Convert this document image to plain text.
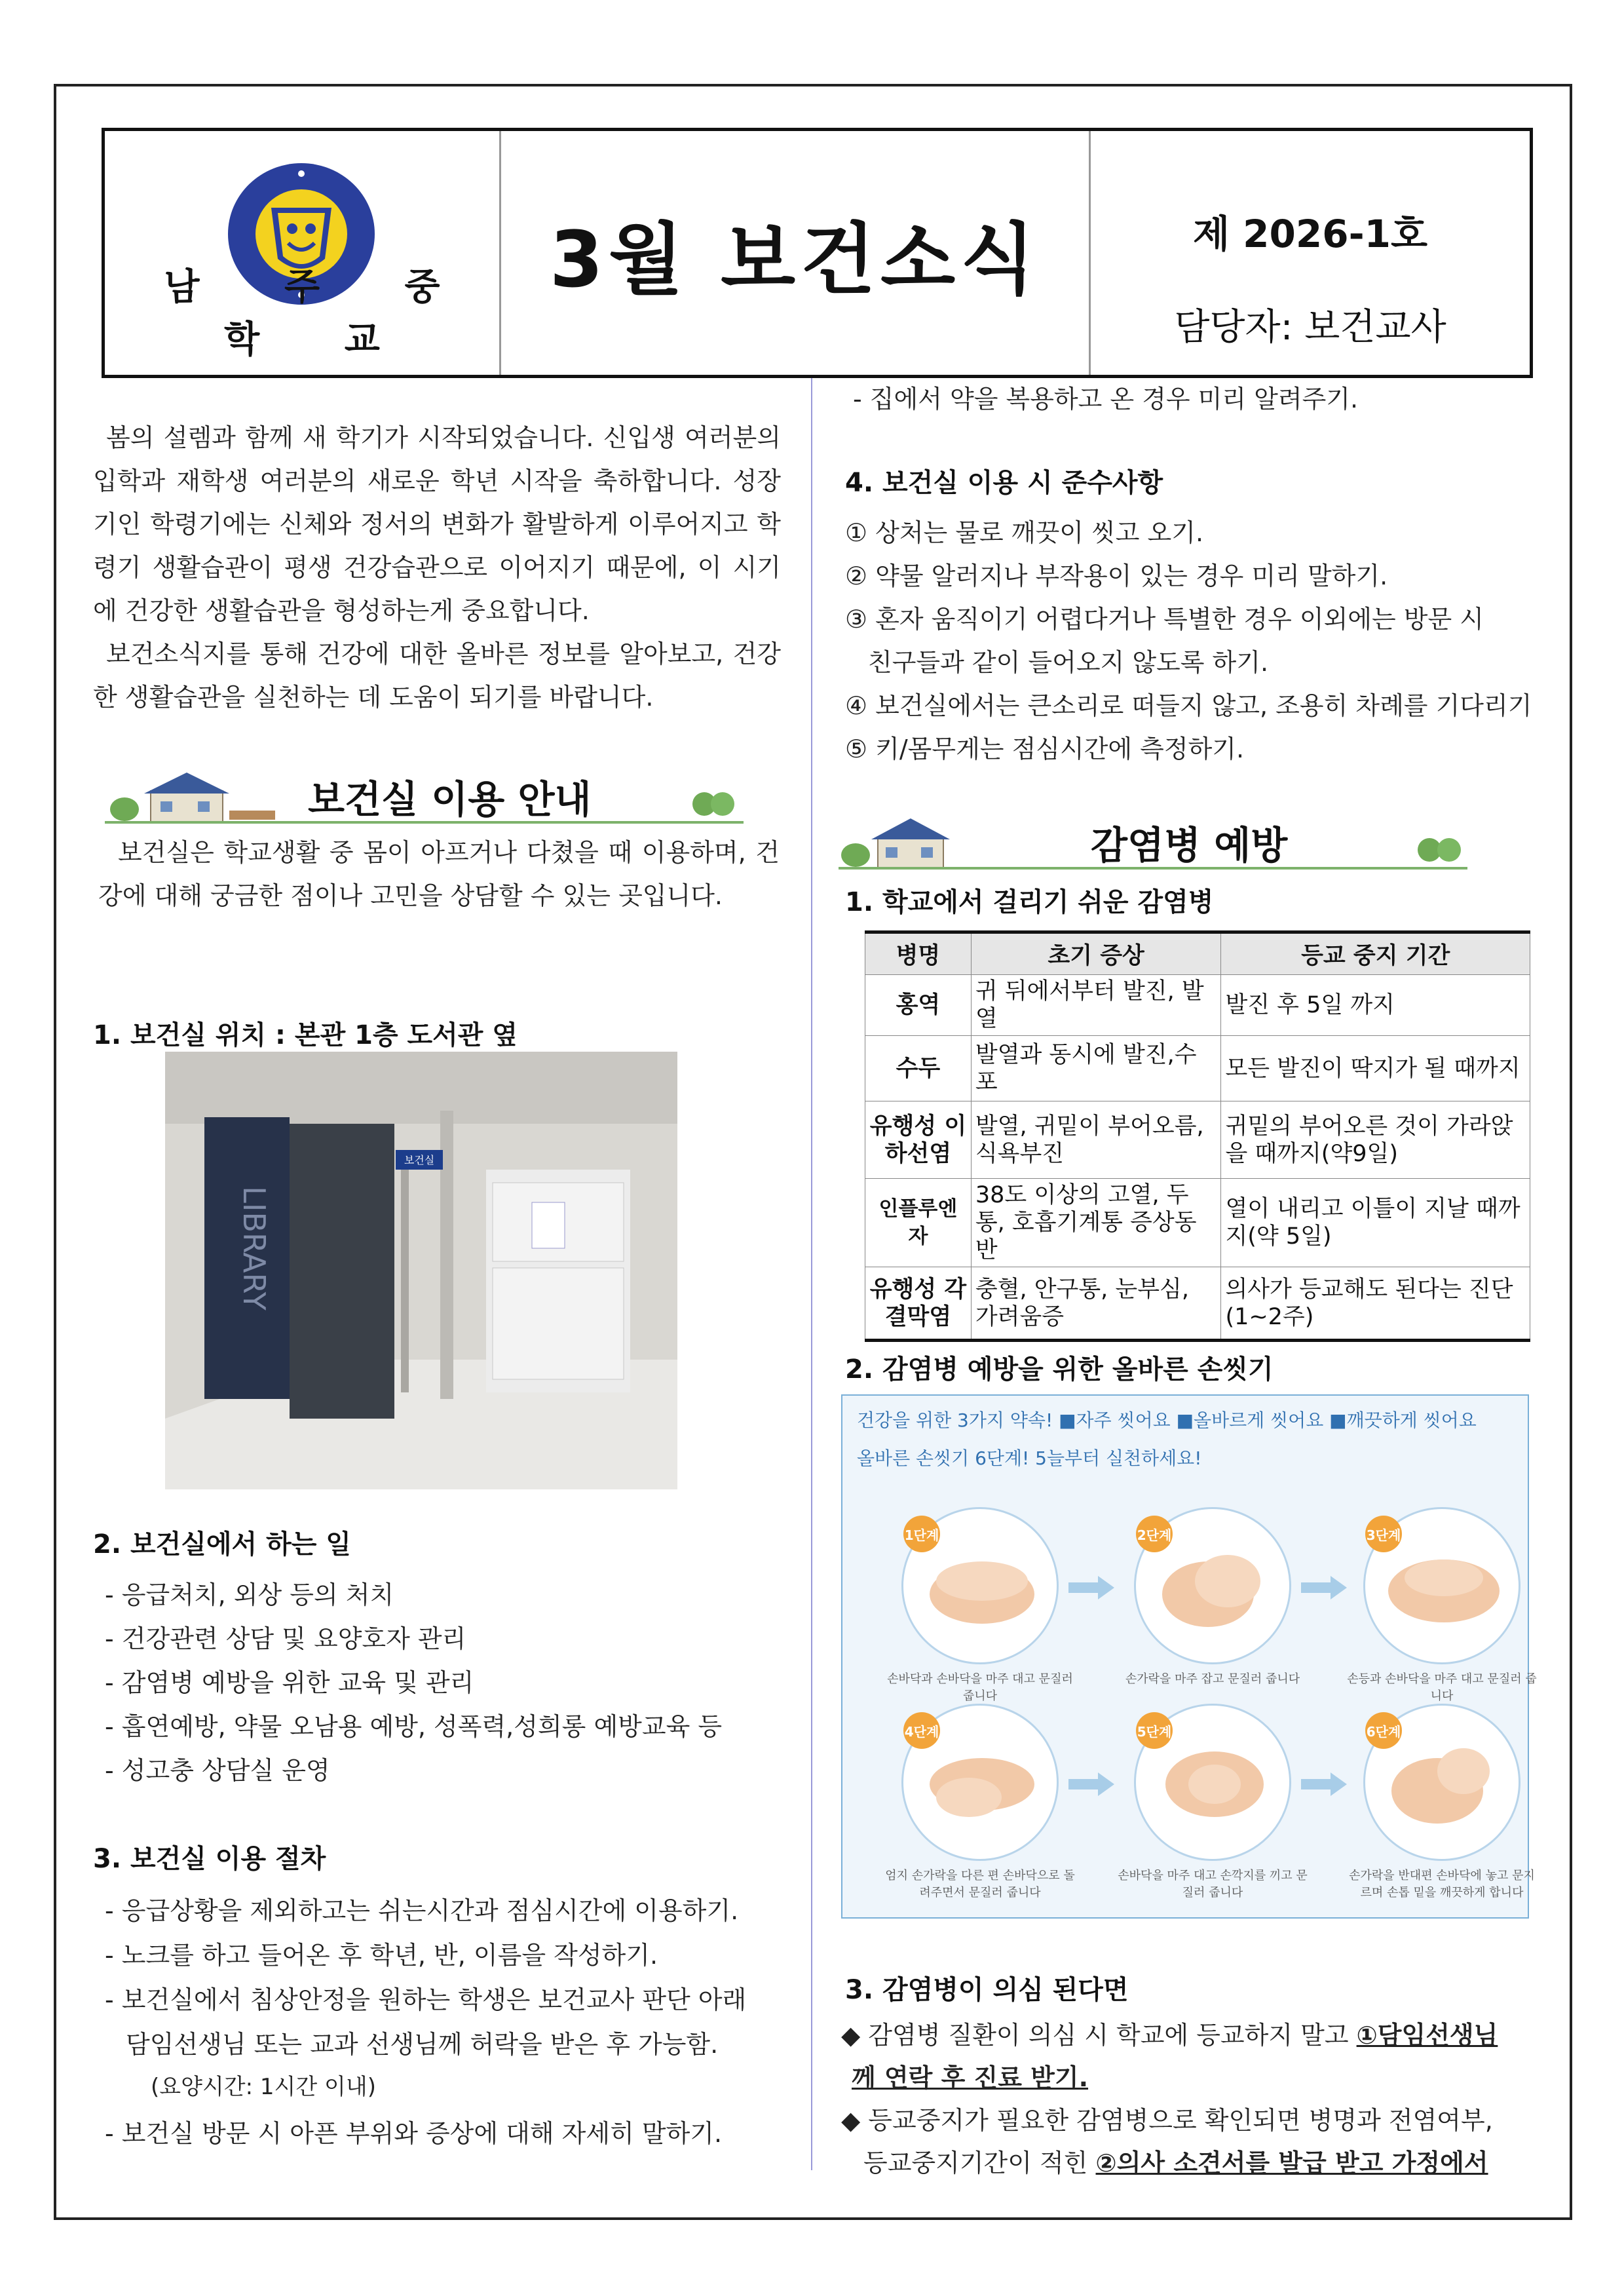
남 주 중 학 교
3월 보건소식	제 2026-1호
담당자: 보건교사
봄의 설렘과 함께 새 학기가 시작되었습니다. 신입생 여러분의 입학과 재학생 여러분의 새로운 학년 시작을 축하합니다. 성장기인 학령기에는 신체와 정서의 변화가 활발하게 이루어지고 학령기 생활습관이 평생 건강습관으로 이어지기 때문에, 이 시기에 건강한 생활습관을 형성하는게 중요합니다.
보건소식지를 통해 건강에 대한 올바른 정보를 알아보고, 건강한 생활습관을 실천하는 데 도움이 되기를 바랍니다.
보건실 이용 안내
보건실은 학교생활 중 몸이 아프거나 다쳤을 때 이용하며, 건강에 대해 궁금한 점이나 고민을 상담할 수 있는 곳입니다.
1. 보건실 위치 : 본관 1층 도서관 옆
보건실
LIBRARY
2. 보건실에서 하는 일
- 응급처치, 외상 등의 처치
- 건강관련 상담 및 요양호자 관리
- 감염병 예방을 위한 교육 및 관리
- 흡연예방, 약물 오남용 예방, 성폭력,성희롱 예방교육 등
- 성고충 상담실 운영
3. 보건실 이용 절차
- 응급상황을 제외하고는 쉬는시간과 점심시간에 이용하기.
- 노크를 하고 들어온 후 학년, 반, 이름을 작성하기.
- 보건실에서 침상안정을 원하는 학생은 보건교사 판단 아래
담임선생님 또는 교과 선생님께 허락을 받은 후 가능함.
(요양시간: 1시간 이내)
- 보건실 방문 시 아픈 부위와 증상에 대해 자세히 말하기.
- 집에서 약을 복용하고 온 경우 미리 알려주기.
4. 보건실 이용 시 준수사항
① 상처는 물로 깨끗이 씻고 오기.
② 약물 알러지나 부작용이 있는 경우 미리 말하기.
③ 혼자 움직이기 어렵다거나 특별한 경우 이외에는 방문 시
친구들과 같이 들어오지 않도록 하기.
④ 보건실에서는 큰소리로 떠들지 않고, 조용히 차례를 기다리기
⑤ 키/몸무게는 점심시간에 측정하기.
감염병 예방
1. 학교에서 걸리기 쉬운 감염병
병명	초기 증상	등교 중지 기간
홍역	귀 뒤에서부터 발진, 발열	발진 후 5일 까지
수두	발열과 동시에 발진,수포	모든 발진이 딱지가 될 때까지
유행성 이하선염	발열, 귀밑이 부어오름, 식욕부진	귀밑의 부어오른 것이 가라앉을 때까지(약9일)
인플루엔자	38도 이상의 고열, 두통, 호흡기계통 증상동반	열이 내리고 이틀이 지날 때까지(약 5일)
유행성 각결막염	충혈, 안구통, 눈부심, 가려움증	의사가 등교해도 된다는 진단 (1~2주)
2. 감염병 예방을 위한 올바른 손씻기
건강을 위한 3가지 약속! ■자주 씻어요 ■올바르게 씻어요 ■깨끗하게 씻어요
올바른 손씻기 6단계! 5늘부터 실천하세요!
1단계	2단계	3단계
손바닥과 손바닥을 마주 대고 문질러 줍니다
손가락을 마주 잡고 문질러 줍니다	손등과 손바닥을 마주 대고 문질러 줍니다
4단계	5단계	6단계
엄지 손가락을 다른 편 손바닥으로 돌려주면서 문질러 줍니다
손바닥을 마주 대고 손깍지를 끼고 문질러 줍니다
손가락을 반대편 손바닥에 놓고 문지르며 손톱 밑을 깨끗하게 합니다
3. 감염병이 의심 된다면
◆ 감염병 질환이 의심 시 학교에 등교하지 말고 ①담임선생님
께 연락 후 진료 받기.
◆ 등교중지가 필요한 감염병으로 확인되면 병명과 전염여부,
등교중지기간이 적힌 ②의사 소견서를 발급 받고 가정에서
